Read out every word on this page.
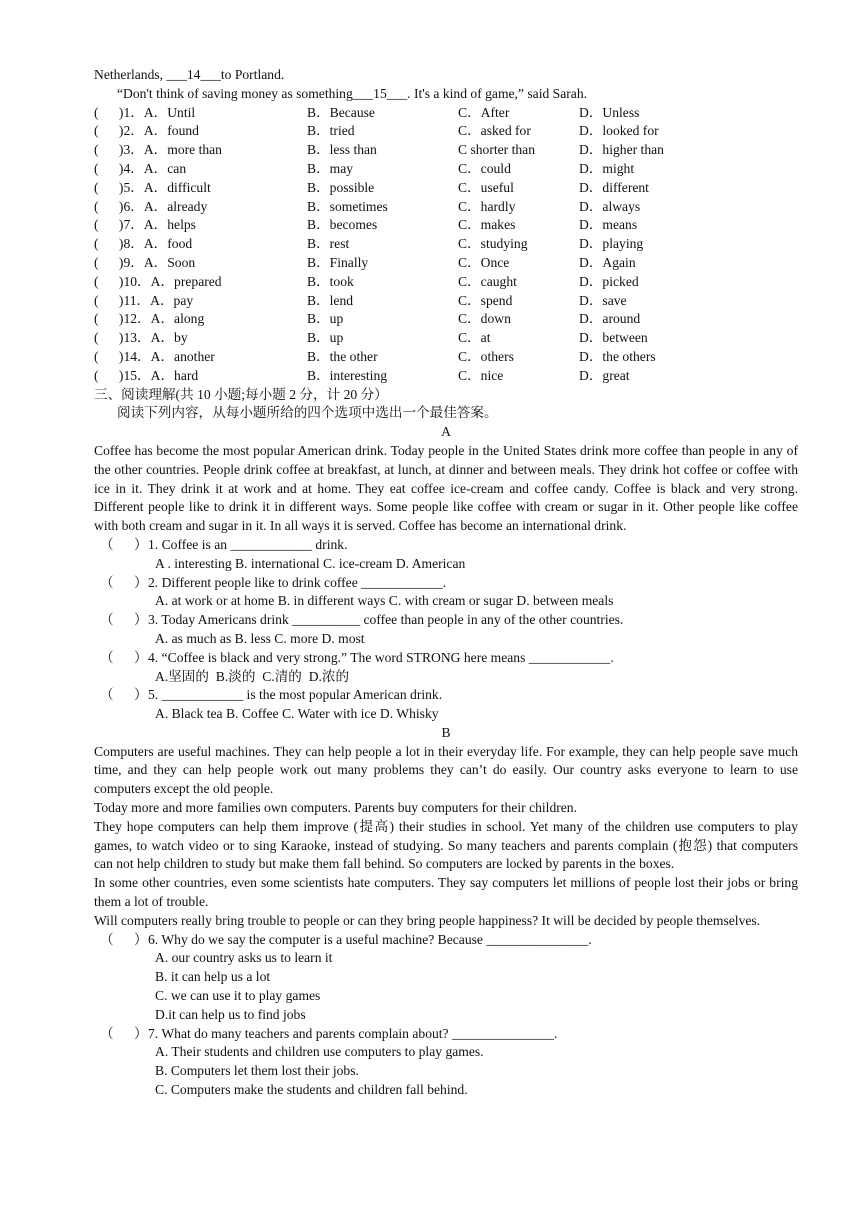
Netherlands, ___14___to Portland.
“Don't think of saving money as something___15___. It's a kind of game,” said Sarah.
(      )1．A．Until	B．Because	C．After	D．Unless
(      )2．A．found	B．tried	C．asked for	D．looked for
(      )3．A．more than	B．less than	C shorter than	D．higher than
(      )4．A．can	B．may	C．could	D．might
(      )5．A．difficult	B．possible	C．useful	D．different
(      )6．A．already	B．sometimes	C．hardly	D．always
(      )7．A．helps	B．becomes	C．makes	D．means
(      )8．A．food	B．rest	C．studying	D．playing
(      )9．A．Soon	B．Finally	C．Once	D．Again
(      )10．A．prepared	B．took	C．caught	D．picked
(      )11．A．pay	B．lend	C．spend	D．save
(      )12．A．along	B．up	C．down	D．around
(      )13．A．by	B．up	C．at	D．between
(      )14．A．another	B．the other	C．others	D．the others
(      )15．A．hard	B．interesting	C．nice	D．great
三、阅读理解(共 10 小题;每小题 2 分，计 20 分）
阅读下列内容，从每小题所给的四个选项中选出一个最佳答案。
A
Coffee has become the most popular American drink. Today people in the United States drink more coffee than people in any of the other countries. People drink coffee at breakfast, at lunch, at dinner and between meals. They drink hot coffee or coffee with ice in it. They drink it at work and at home. They eat coffee ice-cream and coffee candy. Coffee is black and very strong. Different people like to drink it in different ways. Some people like coffee with cream or sugar in it. Other people like coffee with both cream and sugar in it. In all ways it is served. Coffee has become an international drink.
（      ） 1. Coffee is an ____________ drink.
A . interesting B. international C. ice-cream D. American
（      ） 2. Different people like to drink coffee ____________.
A. at work or at home B. in different ways C. with cream or sugar D. between meals
（      ） 3. Today Americans drink __________ coffee than people in any of the other countries.
A. as much as B. less C. more D. most
（      ） 4. “Coffee is black and very strong.” The word STRONG here means ____________.
A.坚固的  B.淡的  C.清的  D.浓的
（      ） 5. ____________ is the most popular American drink.
A. Black tea B. Coffee C. Water with ice D. Whisky
B
Computers are useful machines. They can help people a lot in their everyday life. For example, they can help people save much time, and they can help people work out many problems they can’t do easily. Our country asks everyone to learn to use computers except the old people.
Today more and more families own computers. Parents buy computers for their children.
They hope computers can help them improve (提高) their studies in school. Yet many of the children use computers to play games, to watch video or to sing Karaoke, instead of studying. So many teachers and parents complain (抱怨) that computers can not help children to study but make them fall behind. So computers are locked by parents in the boxes.
In some other countries, even some scientists hate computers. They say computers let millions of people lost their jobs or bring them a lot of trouble.
Will computers really bring trouble to people or can they bring people happiness? It will be decided by people themselves.
（      ） 6. Why do we say the computer is a useful machine? Because _______________.
A. our country asks us to learn it
B. it can help us a lot
C. we can use it to play games
D.it can help us to find jobs
（      ） 7. What do many teachers and parents complain about? _______________.
A. Their students and children use computers to play games.
B. Computers let them lost their jobs.
C. Computers make the students and children fall behind.
